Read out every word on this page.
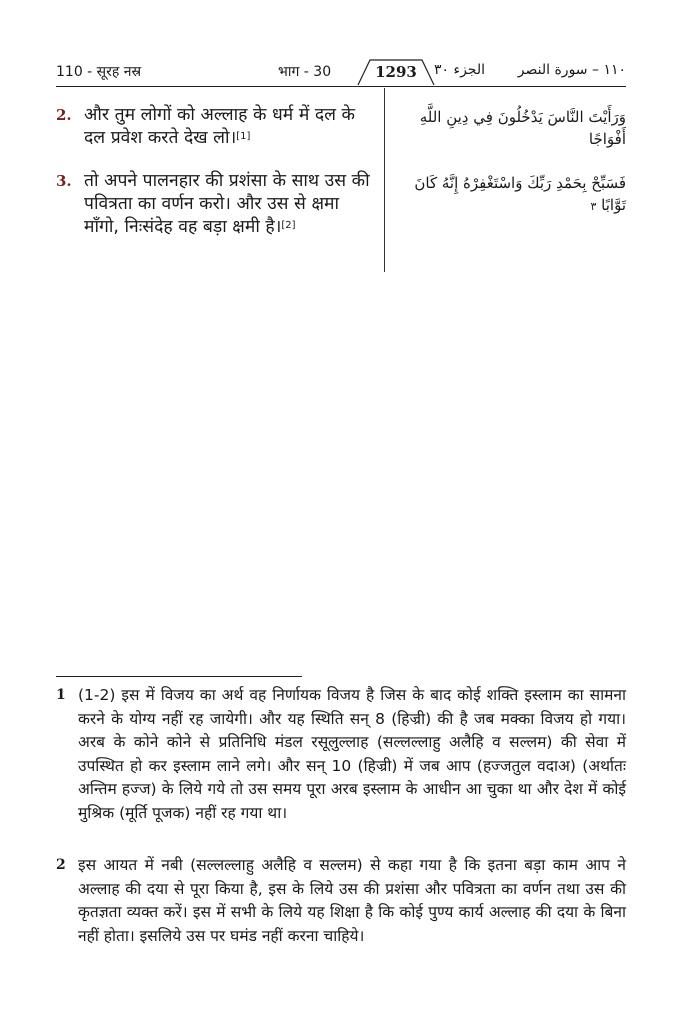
110 - सूरह नस्र	भाग - 30	1293	الجزء ٣٠ ١١٠ – سورة النصر
2. और तुम लोगों को अल्लाह के धर्म में दल के दल प्रवेश करते देख लो।[1]
وَرَأَيْتَ النَّاسَ يَدْخُلُونَ فِي دِينِ اللَّهِ أَفْوَاجًا
3. तो अपने पालनहार की प्रशंसा के साथ उस की पवित्रता का वर्णन करो। और उस से क्षमा माँगो, निःसंदेह वह बड़ा क्षमी है।[2]
فَسَبِّحْ بِحَمْدِ رَبِّكَ وَاسْتَغْفِرْهُ إِنَّهُ كَانَ تَوَّابًا ٣
1 (1-2) इस में विजय का अर्थ वह निर्णायक विजय है जिस के बाद कोई शक्ति इस्लाम का सामना करने के योग्य नहीं रह जायेगी। और यह स्थिति सन् 8 (हिज्री) की है जब मक्का विजय हो गया। अरब के कोने कोने से प्रतिनिधि मंडल रसूलुल्लाह (सल्लल्लाहु अलैहि व सल्लम) की सेवा में उपस्थित हो कर इस्लाम लाने लगे। और सन् 10 (हिज्री) में जब आप (हज्जतुल वदाअ) (अर्थातः अन्तिम हज्ज) के लिये गये तो उस समय पूरा अरब इस्लाम के आधीन आ चुका था और देश में कोई मुश्रिक (मूर्ति पूजक) नहीं रह गया था।
2 इस आयत में नबी (सल्लल्लाहु अलैहि व सल्लम) से कहा गया है कि इतना बड़ा काम आप ने अल्लाह की दया से पूरा किया है, इस के लिये उस की प्रशंसा और पवित्रता का वर्णन तथा उस की कृतज्ञता व्यक्त करें। इस में सभी के लिये यह शिक्षा है कि कोई पुण्य कार्य अल्लाह की दया के बिना नहीं होता। इसलिये उस पर घमंड नहीं करना चाहिये।
